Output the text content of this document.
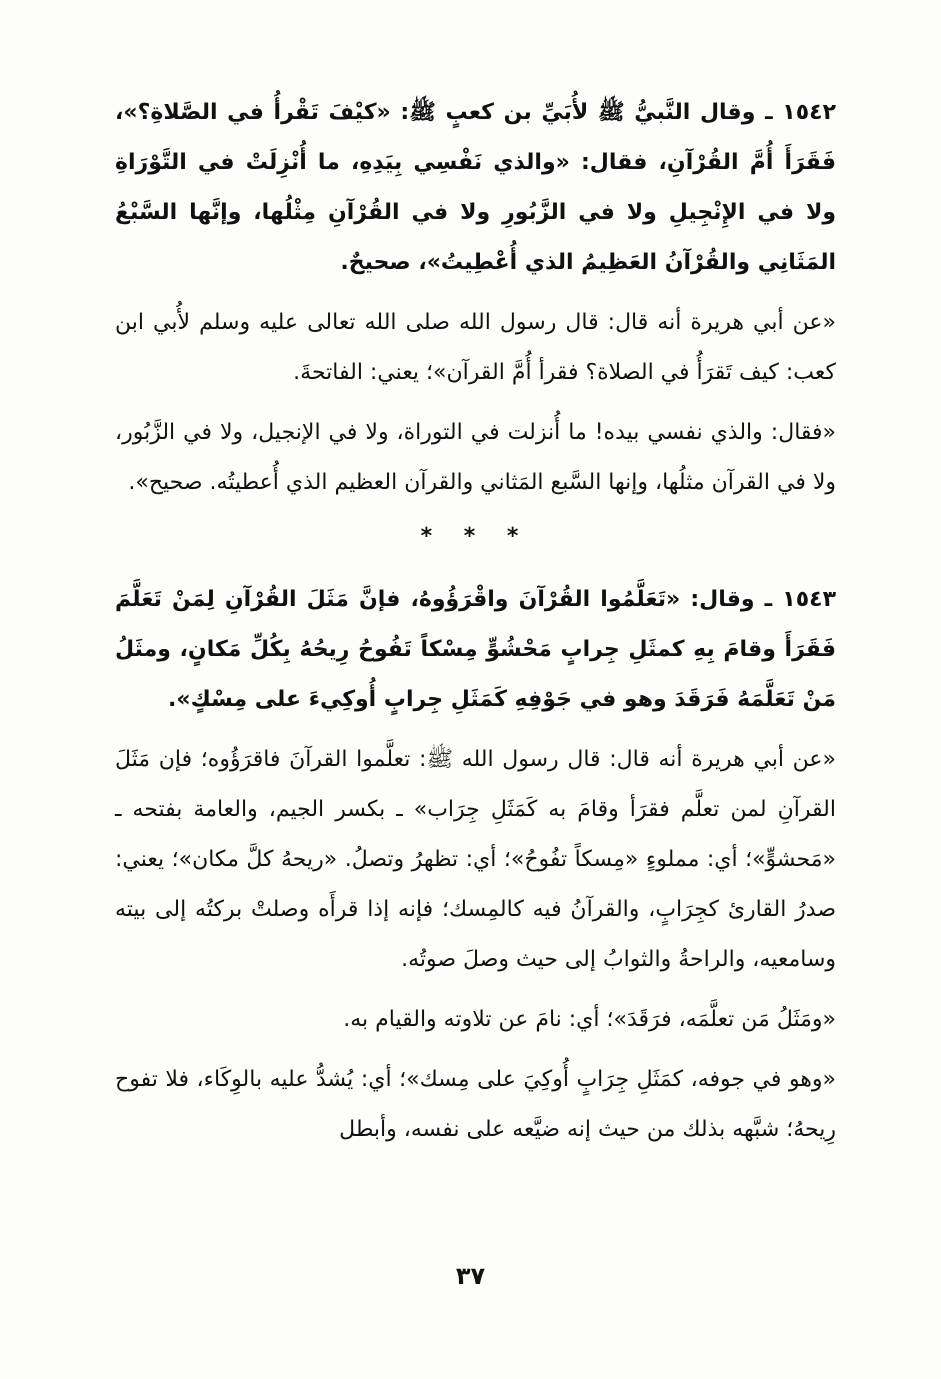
١٥٤٢ ـ وقال النَّبيُّ ﷺ لأُبَيِّ بن كعبٍ ﷺ: «كيْفَ تَقْرأُ في الصَّلاةِ؟»، فَقَرَأَ أُمَّ القُرْآنِ، فقال: «والذي نَفْسِي بِيَدِهِ، ما أُنْزِلَتْ في التَّوْرَاةِ ولا في الإِنْجِيلِ ولا في الزَّبُورِ ولا في القُرْآنِ مِثْلُها، وإنَّها السَّبْعُ المَثَانِي والقُرْآنُ العَظِيمُ الذي أُعْطِيتُ»، صحيحٌ.

«عن أبي هريرة أنه قال: قال رسول الله صلى الله تعالى عليه وسلم لأُبي ابن كعب: كيف تَقرَأُ في الصلاة؟ فقرأ أُمَّ القرآن»؛ يعني: الفاتحةَ.

«فقال: والذي نفسي بيده! ما أُنزلت في التوراة، ولا في الإنجيل، ولا في الزَّبُور، ولا في القرآن مثلُها، وإنها السَّبع المَثاني والقرآن العظيم الذي أُعطيتُه. صحيح».

* * *

١٥٤٣ ـ وقال: «تَعَلَّمُوا القُرْآنَ واقْرَؤُوهُ، فإنَّ مَثَلَ القُرْآنِ لِمَنْ تَعَلَّمَ فَقَرَأَ وقامَ بِهِ كمثَلِ جِرابٍ مَحْشُوٍّ مِسْكاً تَفُوحُ رِيحُهُ بِكُلِّ مَكانٍ، ومثَلُ مَنْ تَعَلَّمَهُ فَرَقَدَ وهو في جَوْفِهِ كَمَثَلِ جِرابٍ أُوكِيءَ على مِسْكٍ».

«عن أبي هريرة أنه قال: قال رسول الله ﷺ: تعلَّموا القرآنَ فاقرَؤُوه؛ فإن مَثَلَ القرآنِ لمن تعلَّم فقرَأ وقامَ به كَمَثَلِ جِرَاب» ـ بكسر الجيم، والعامة بفتحه ـ «مَحشوٍّ»؛ أي: مملوءٍ «مِسكاً تفُوحُ»؛ أي: تظهرُ وتصلُ. «ريحهُ كلَّ مكان»؛ يعني: صدرُ القارئ كجِرَابٍ، والقرآنُ فيه كالمِسك؛ فإنه إذا قرأَه وصلتْ بركتُه إلى بيته وسامعيه، والراحةُ والثوابُ إلى حيث وصلَ صوتُه.

«ومَثَلُ مَن تعلَّمَه، فرَقَدَ»؛ أي: نامَ عن تلاوته والقيام به.

«وهو في جوفه، كمَثَلِ جِرَابٍ أُوكِيَ على مِسك»؛ أي: يُشدُّ عليه بالوِكَاء، فلا تفوح رِيحهُ؛ شبَّهه بذلك من حيث إنه ضيَّعه على نفسه، وأبطل

٣٧
